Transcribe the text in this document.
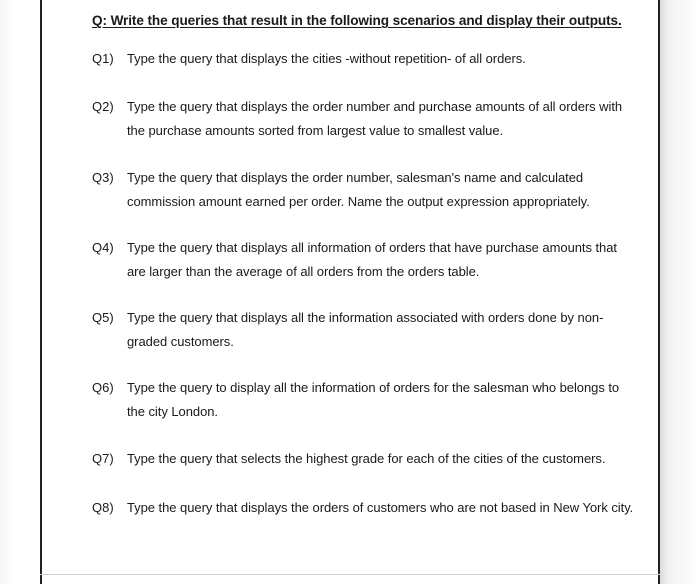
Q: Write the queries that result in the following scenarios and display their outputs.
Q1)	Type the query that displays the cities -without repetition- of all orders.
Q2)	Type the query that displays the order number and purchase amounts of all orders with the purchase amounts sorted from largest value to smallest value.
Q3)	Type the query that displays the order number, salesman's name and calculated commission amount earned per order. Name the output expression appropriately.
Q4)	Type the query that displays all information of orders that have purchase amounts that are larger than the average of all orders from the orders table.
Q5)	Type the query that displays all the information associated with orders done by non-graded customers.
Q6)	Type the query to display all the information of orders for the salesman who belongs to the city London.
Q7)	Type the query that selects the highest grade for each of the cities of the customers.
Q8)	Type the query that displays the orders of customers who are not based in New York city.
